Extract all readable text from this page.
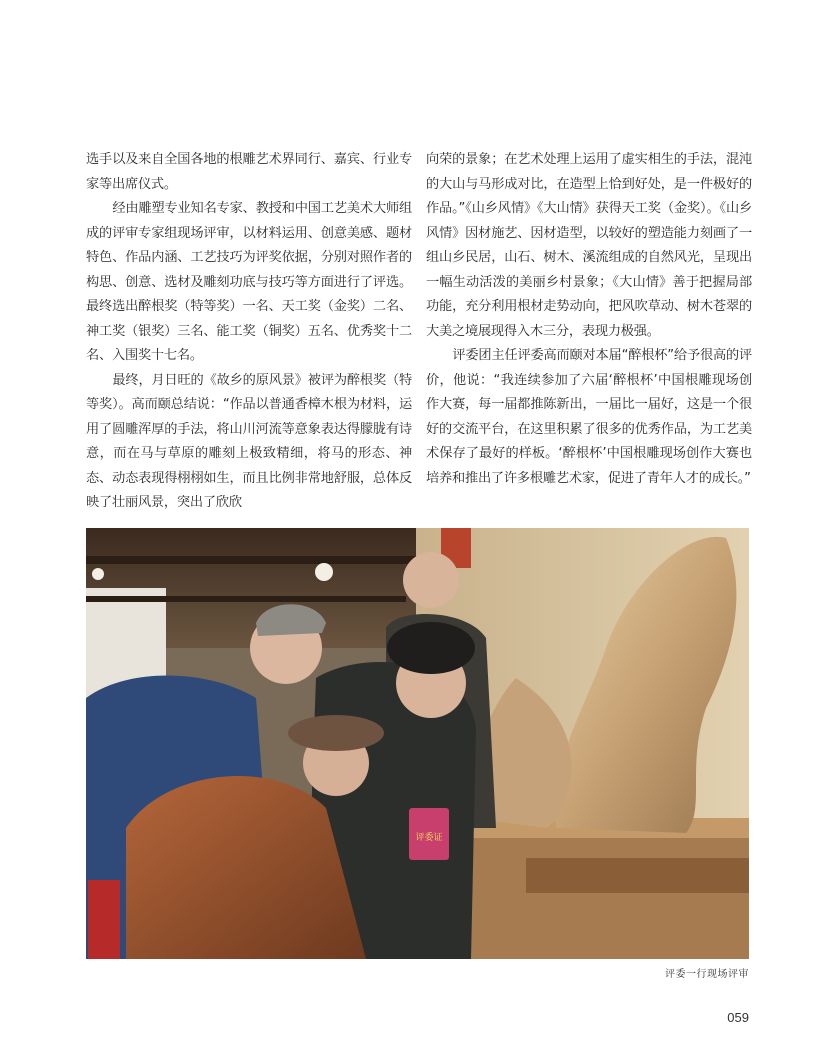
选手以及来自全国各地的根雕艺术界同行、嘉宾、行业专家等出席仪式。

经由雕塑专业知名专家、教授和中国工艺美术大师组成的评审专家组现场评审，以材料运用、创意美感、题材特色、作品内涵、工艺技巧为评奖依据，分别对照作者的构思、创意、选材及雕刻功底与技巧等方面进行了评选。最终选出醉根奖（特等奖）一名、天工奖（金奖）二名、神工奖（银奖）三名、能工奖（铜奖）五名、优秀奖十二名、入围奖十七名。

最终，月日旺的《故乡的原风景》被评为醉根奖（特等奖）。高而颐总结说：“作品以普通香樟木根为材料，运用了圆雕浑厚的手法，将山川河流等意象表达得朦胧有诗意，而在马与草原的雕刻上极致精细，将马的形态、神态、动态表现得栩栩如生，而且比例非常地舒服，总体反映了壮丽风景，突出了欣欣

向荣的景象；在艺术处理上运用了虚实相生的手法，混沌的大山与马形成对比，在造型上恰到好处，是一件极好的作品。”《山乡风情》《大山情》获得天工奖（金奖）。《山乡风情》因材施艺、因材造型，以较好的塑造能力刻画了一组山乡民居，山石、树木、溪流组成的自然风光，呈现出一幅生动活泼的美丽乡村景象；《大山情》善于把握局部功能，充分利用根材走势动向，把风吹草动、树木苍翠的大美之境展现得入木三分，表现力极强。

评委团主任评委高而颐对本届“醉根杯”给予很高的评价，他说：“我连续参加了六届‘醉根杯’中国根雕现场创作大赛，每一届都推陈新出，一届比一届好，这是一个很好的交流平台，在这里积累了很多的优秀作品，为工艺美术保存了最好的样板。‘醉根杯’中国根雕现场创作大赛也培养和推出了许多根雕艺术家，促进了青年人才的成长。”

评委证
评委一行现场评审
059
